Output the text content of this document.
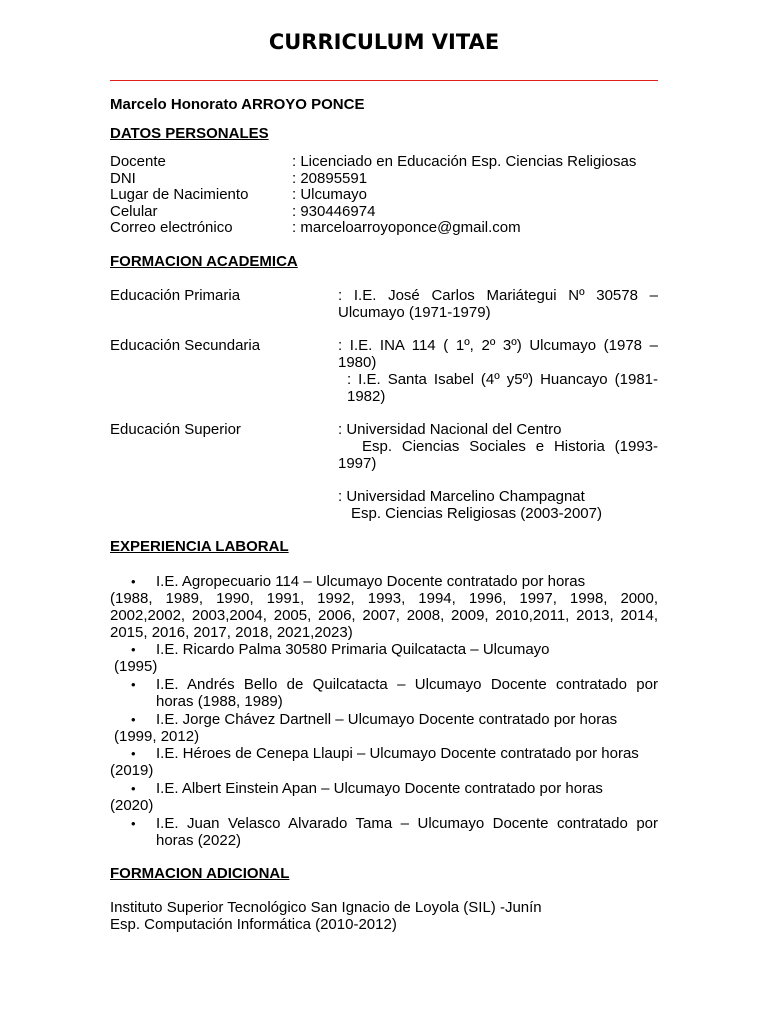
CURRICULUM VITAE
Marcelo Honorato ARROYO PONCE
DATOS PERSONALES
Docente	: Licenciado en Educación Esp. Ciencias Religiosas
DNI	: 20895591
Lugar de Nacimiento	: Ulcumayo
Celular	: 930446974
Correo electrónico	: marceloarroyoponce@gmail.com
FORMACION ACADEMICA
Educación Primaria	: I.E. José Carlos Mariátegui Nº 30578 –
Ulcumayo (1971-1979)
Educación Secundaria	: I.E. INA 114 ( 1º, 2º 3º) Ulcumayo (1978 –
1980)
: I.E. Santa Isabel (4º y5º) Huancayo (1981-
1982)
Educación Superior	: Universidad Nacional del Centro
Esp. Ciencias Sociales e Historia (1993-
1997)
: Universidad Marcelino Champagnat
Esp. Ciencias Religiosas (2003-2007)
EXPERIENCIA LABORAL
• I.E. Agropecuario 114 – Ulcumayo Docente contratado por horas
(1988, 1989, 1990, 1991, 1992, 1993, 1994, 1996, 1997, 1998, 2000,
2002,2002, 2003,2004, 2005, 2006, 2007, 2008, 2009, 2010,2011, 2013, 2014,
2015, 2016, 2017, 2018, 2021,2023)
• I.E. Ricardo Palma 30580 Primaria Quilcatacta – Ulcumayo
(1995)
• I.E. Andrés Bello de Quilcatacta – Ulcumayo Docente contratado por
horas (1988, 1989)
• I.E. Jorge Chávez Dartnell – Ulcumayo Docente contratado por horas
(1999, 2012)
• I.E. Héroes de Cenepa Llaupi – Ulcumayo Docente contratado por horas
(2019)
• I.E. Albert Einstein Apan – Ulcumayo Docente contratado por horas
(2020)
• I.E. Juan Velasco Alvarado Tama – Ulcumayo Docente contratado por
horas (2022)
FORMACION ADICIONAL
Instituto Superior Tecnológico San Ignacio de Loyola (SIL) -Junín
Esp. Computación Informática (2010-2012)
